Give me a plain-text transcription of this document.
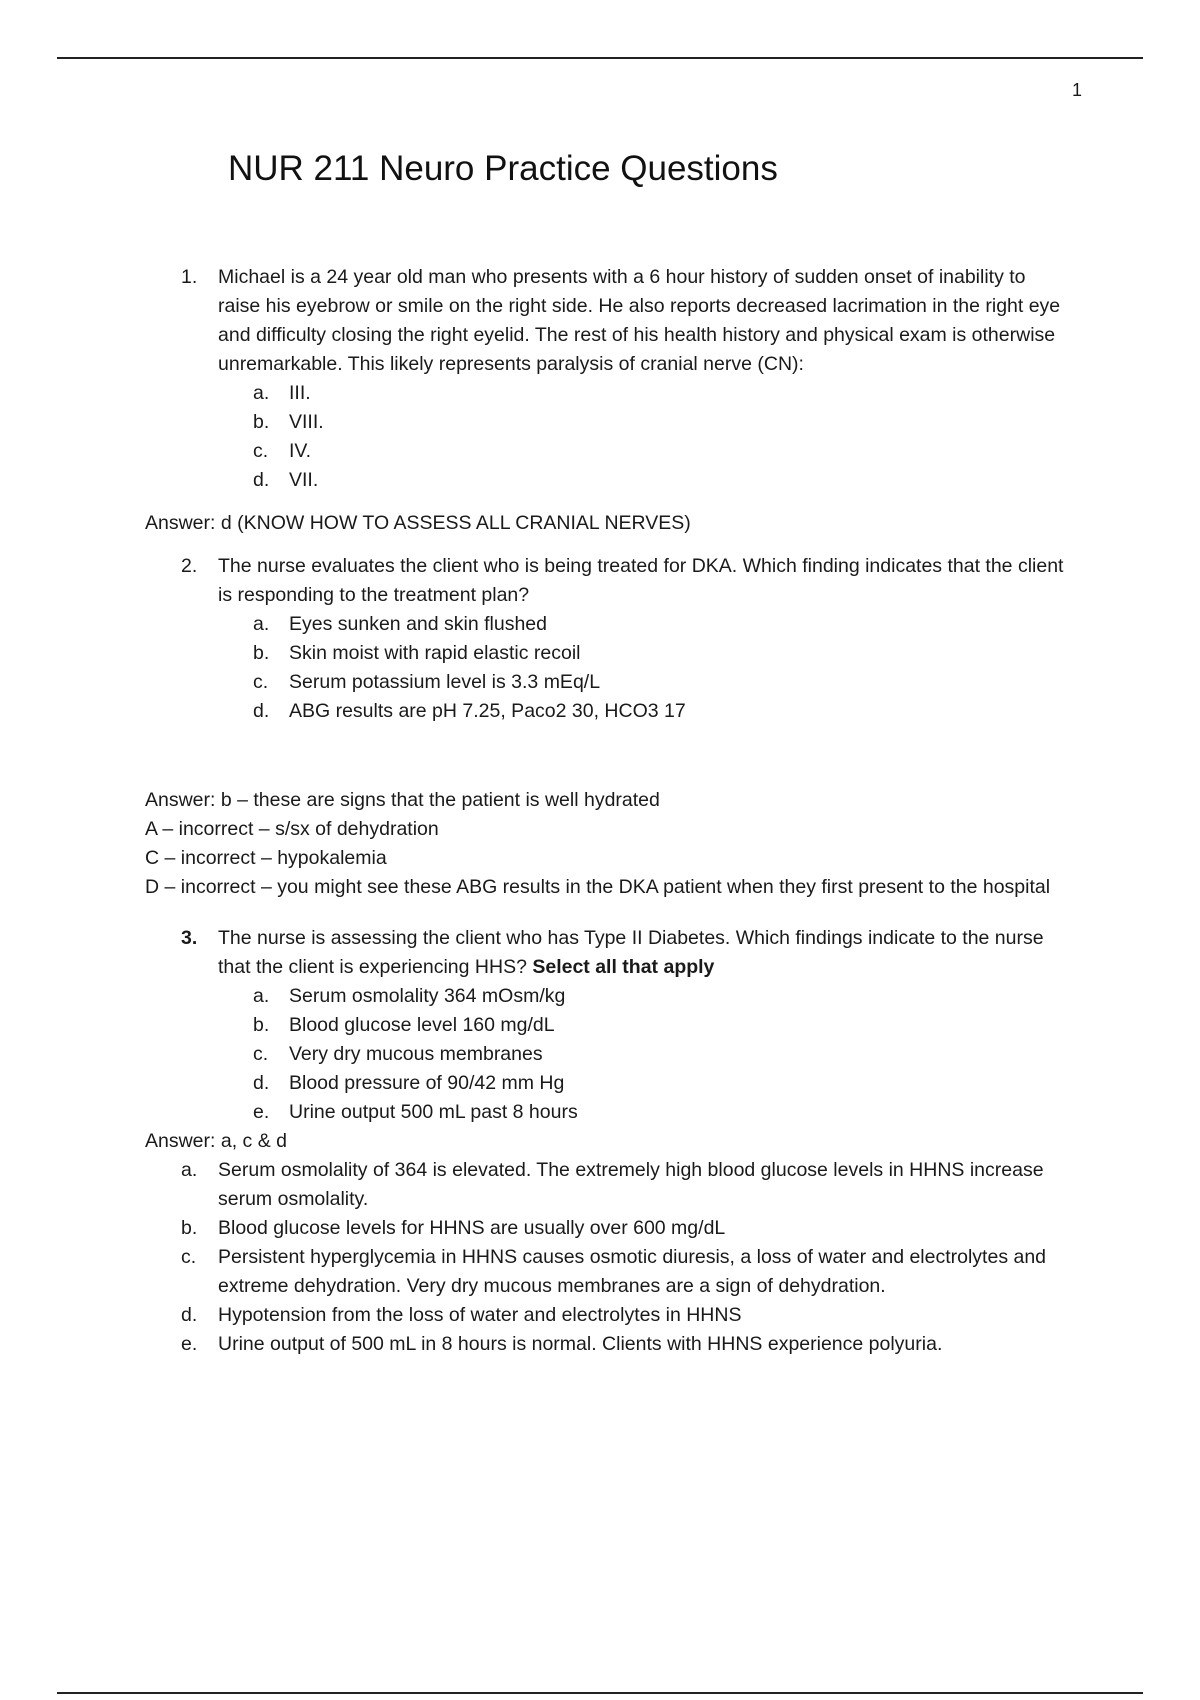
1
NUR 211 Neuro Practice Questions
1.	Michael is a 24 year old man who presents with a 6 hour history of sudden onset of inability to raise his eyebrow or smile on the right side. He also reports decreased lacrimation in the right eye and difficulty closing the right eyelid. The rest of his health history and physical exam is otherwise unremarkable. This likely represents paralysis of cranial nerve (CN):
a.	III.
b.	VIII.
c.	IV.
d.	VII.

Answer: d (KNOW HOW TO ASSESS ALL CRANIAL NERVES)

2.	The nurse evaluates the client who is being treated for DKA. Which finding indicates that the client is responding to the treatment plan?
a.	Eyes sunken and skin flushed
b.	Skin moist with rapid elastic recoil
c.	Serum potassium level is 3.3 mEq/L
d.	ABG results are pH 7.25, Paco2 30, HCO3 17

Answer: b – these are signs that the patient is well hydrated

A – incorrect – s/sx of dehydration

C – incorrect – hypokalemia

D – incorrect – you might see these ABG results in the DKA patient when they first present to the hospital

3.	The nurse is assessing the client who has Type II Diabetes. Which findings indicate to the nurse that the client is experiencing HHS? Select all that apply
a.	Serum osmolality 364 mOsm/kg
b.	Blood glucose level 160 mg/dL
c.	Very dry mucous membranes
d.	Blood pressure of 90/42 mm Hg
e.	Urine output 500 mL past 8 hours

Answer: a, c & d

a.	Serum osmolality of 364 is elevated. The extremely high blood glucose levels in HHNS increase serum osmolality.
b.	Blood glucose levels for HHNS are usually over 600 mg/dL
c.	Persistent hyperglycemia in HHNS causes osmotic diuresis, a loss of water and electrolytes and extreme dehydration. Very dry mucous membranes are a sign of dehydration.
d.	Hypotension from the loss of water and electrolytes in HHNS
e.	Urine output of 500 mL in 8 hours is normal. Clients with HHNS experience polyuria.
